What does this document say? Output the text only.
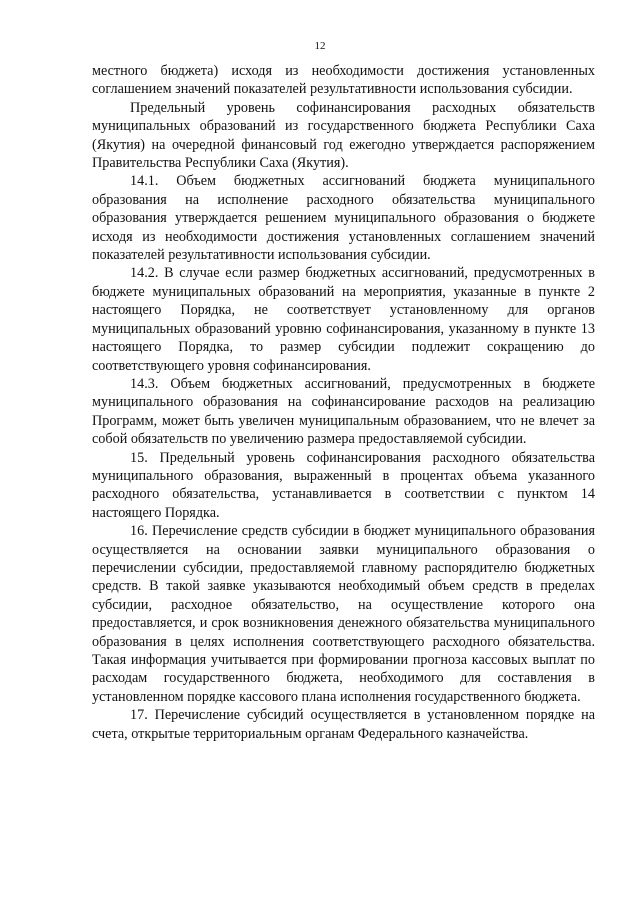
12

местного бюджета) исходя из необходимости достижения установленных соглашением значений показателей результативности использования субсидии.

Предельный уровень софинансирования расходных обязательств муниципальных образований из государственного бюджета Республики Саха (Якутия) на очередной финансовый год ежегодно утверждается распоряжением Правительства Республики Саха (Якутия).

14.1. Объем бюджетных ассигнований бюджета муниципального образования на исполнение расходного обязательства муниципального образования утверждается решением муниципального образования о бюджете исходя из необходимости достижения установленных соглашением значений показателей результативности использования субсидии.

14.2. В случае если размер бюджетных ассигнований, предусмотренных в бюджете муниципальных образований на мероприятия, указанные в пункте 2 настоящего Порядка, не соответствует установленному для органов муниципальных образований уровню софинансирования, указанному в пункте 13 настоящего Порядка, то размер субсидии подлежит сокращению до соответствующего уровня софинансирования.

14.3. Объем бюджетных ассигнований, предусмотренных в бюджете муниципального образования на софинансирование расходов на реализацию Программ, может быть увеличен муниципальным образованием, что не влечет за собой обязательств по увеличению размера предоставляемой субсидии.

15. Предельный уровень софинансирования расходного обязательства муниципального образования, выраженный в процентах объема указанного расходного обязательства, устанавливается в соответствии с пунктом 14 настоящего Порядка.

16. Перечисление средств субсидии в бюджет муниципального образования осуществляется на основании заявки муниципального образования о перечислении субсидии, предоставляемой главному распорядителю бюджетных средств. В такой заявке указываются необходимый объем средств в пределах субсидии, расходное обязательство, на осуществление которого она предоставляется, и срок возникновения денежного обязательства муниципального образования в целях исполнения соответствующего расходного обязательства. Такая информация учитывается при формировании прогноза кассовых выплат по расходам государственного бюджета, необходимого для составления в установленном порядке кассового плана исполнения государственного бюджета.

17. Перечисление субсидий осуществляется в установленном порядке на счета, открытые территориальным органам Федерального казначейства.
